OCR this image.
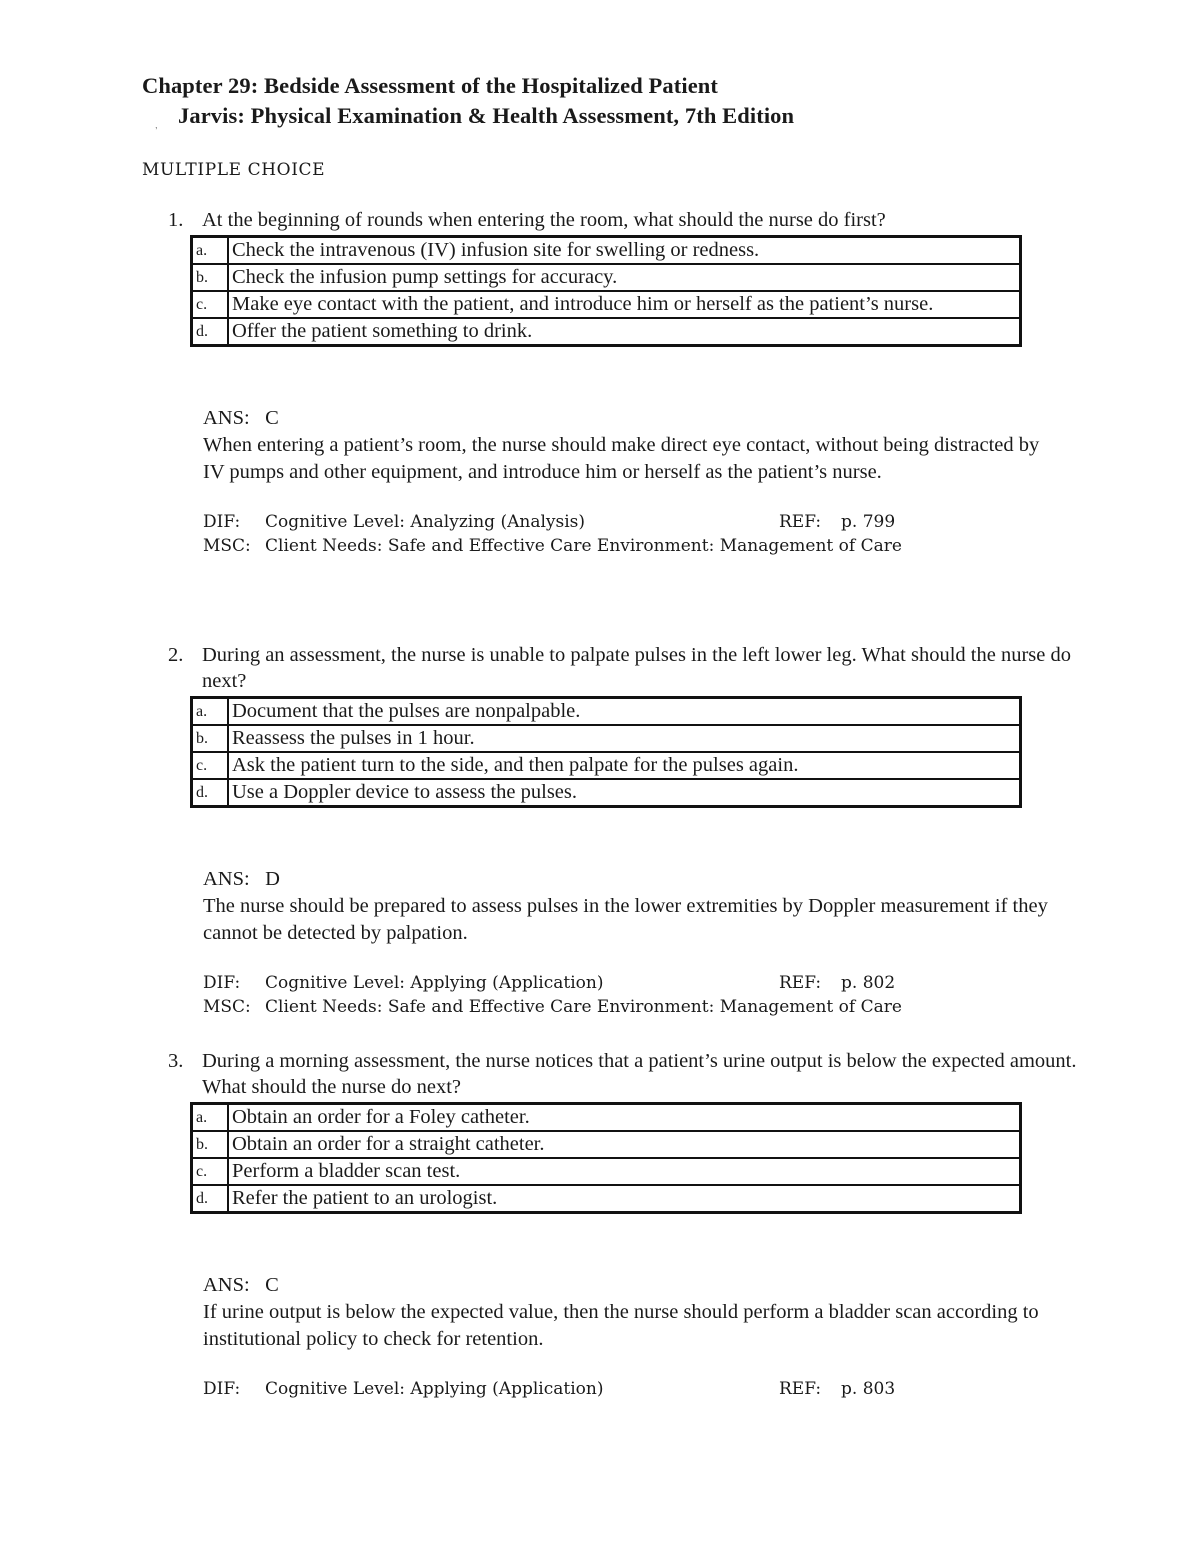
Chapter 29: Bedside Assessment of the Hospitalized Patient
, Jarvis: Physical Examination & Health Assessment, 7th Edition
MULTIPLE CHOICE
1. At the beginning of rounds when entering the room, what should the nurse do first?
a.	Check the intravenous (IV) infusion site for swelling or redness.
b.	Check the infusion pump settings for accuracy.
c.	Make eye contact with the patient, and introduce him or herself as the patient’s nurse.
d.	Offer the patient something to drink.
ANS: C
When entering a patient’s room, the nurse should make direct eye contact, without being distracted by IV pumps and other equipment, and introduce him or herself as the patient’s nurse.
DIF: Cognitive Level: Analyzing (Analysis)	REF: p. 799
MSC: Client Needs: Safe and Effective Care Environment: Management of Care
2. During an assessment, the nurse is unable to palpate pulses in the left lower leg. What should the nurse do next?
a.	Document that the pulses are nonpalpable.
b.	Reassess the pulses in 1 hour.
c.	Ask the patient turn to the side, and then palpate for the pulses again.
d.	Use a Doppler device to assess the pulses.
ANS: D
The nurse should be prepared to assess pulses in the lower extremities by Doppler measurement if they cannot be detected by palpation.
DIF: Cognitive Level: Applying (Application)	REF: p. 802
MSC: Client Needs: Safe and Effective Care Environment: Management of Care
3. During a morning assessment, the nurse notices that a patient’s urine output is below the expected amount. What should the nurse do next?
a.	Obtain an order for a Foley catheter.
b.	Obtain an order for a straight catheter.
c.	Perform a bladder scan test.
d.	Refer the patient to an urologist.
ANS: C
If urine output is below the expected value, then the nurse should perform a bladder scan according to institutional policy to check for retention.
DIF: Cognitive Level: Applying (Application)	REF: p. 803
